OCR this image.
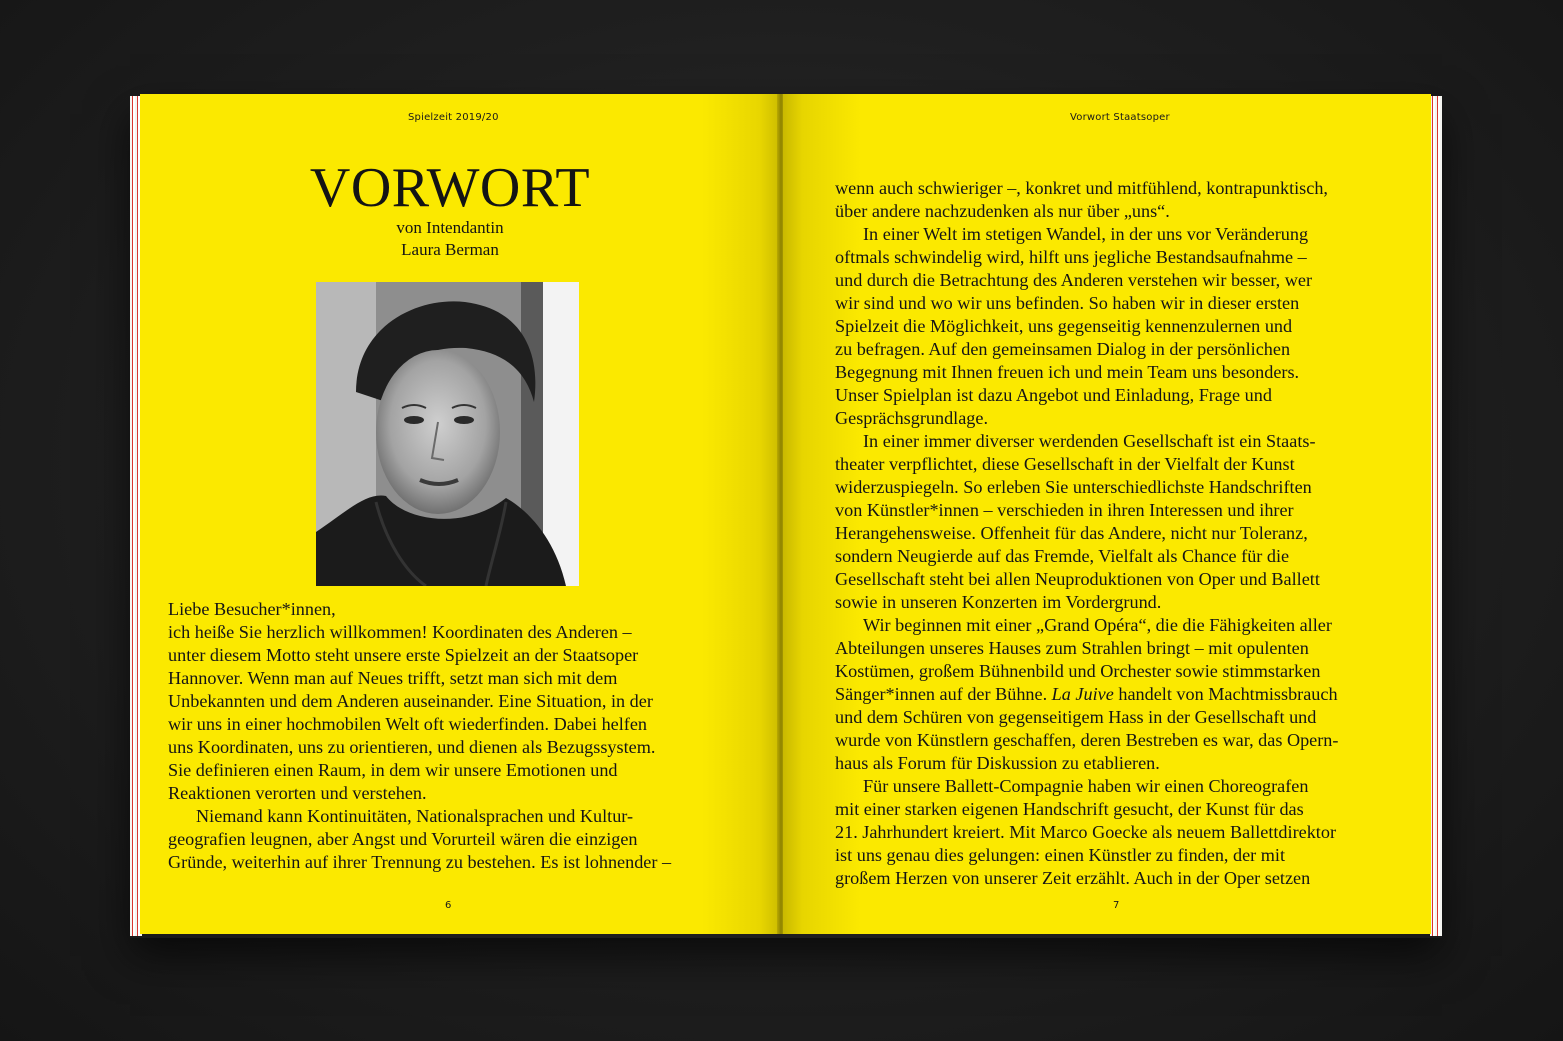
Spielzeit 2019/20
VORWORT
von Intendantin
Laura Berman
Liebe Besucher*innen,
ich heiße Sie herzlich willkommen! Koordinaten des Anderen –
unter diesem Motto steht unsere erste Spielzeit an der Staatsoper
Hannover. Wenn man auf Neues trifft, setzt man sich mit dem
Unbekannten und dem Anderen auseinander. Eine Situation, in der
wir uns in einer hochmobilen Welt oft wiederfinden. Dabei helfen
uns Koordinaten, uns zu orientieren, und dienen als Bezugssystem.
Sie definieren einen Raum, in dem wir unsere Emotionen und
Reaktionen verorten und verstehen.
Niemand kann Kontinuitäten, Nationalsprachen und Kultur-
geografien leugnen, aber Angst und Vorurteil wären die einzigen
Gründe, weiterhin auf ihrer Trennung zu bestehen. Es ist lohnender –
6
Vorwort Staatsoper
wenn auch schwieriger –, konkret und mitfühlend, kontrapunktisch,
über andere nachzudenken als nur über „uns“.
In einer Welt im stetigen Wandel, in der uns vor Veränderung
oftmals schwindelig wird, hilft uns jegliche Bestandsaufnahme –
und durch die Betrachtung des Anderen verstehen wir besser, wer
wir sind und wo wir uns befinden. So haben wir in dieser ersten
Spielzeit die Möglichkeit, uns gegenseitig kennenzulernen und
zu befragen. Auf den gemeinsamen Dialog in der persönlichen
Begegnung mit Ihnen freuen ich und mein Team uns besonders.
Unser Spielplan ist dazu Angebot und Einladung, Frage und
Gesprächsgrundlage.
In einer immer diverser werdenden Gesellschaft ist ein Staats-
theater verpflichtet, diese Gesellschaft in der Vielfalt der Kunst
widerzuspiegeln. So erleben Sie unterschiedlichste Handschriften
von Künstler*innen – verschieden in ihren Interessen und ihrer
Herangehensweise. Offenheit für das Andere, nicht nur Toleranz,
sondern Neugierde auf das Fremde, Vielfalt als Chance für die
Gesellschaft steht bei allen Neuproduktionen von Oper und Ballett
sowie in unseren Konzerten im Vordergrund.
Wir beginnen mit einer „Grand Opéra“, die die Fähigkeiten aller
Abteilungen unseres Hauses zum Strahlen bringt – mit opulenten
Kostümen, großem Bühnenbild und Orchester sowie stimmstarken
Sänger*innen auf der Bühne. La Juive handelt von Machtmissbrauch
und dem Schüren von gegenseitigem Hass in der Gesellschaft und
wurde von Künstlern geschaffen, deren Bestreben es war, das Opern-
haus als Forum für Diskussion zu etablieren.
Für unsere Ballett-Compagnie haben wir einen Choreografen
mit einer starken eigenen Handschrift gesucht, der Kunst für das
21. Jahrhundert kreiert. Mit Marco Goecke als neuem Ballettdirektor
ist uns genau dies gelungen: einen Künstler zu finden, der mit
großem Herzen von unserer Zeit erzählt. Auch in der Oper setzen
7
